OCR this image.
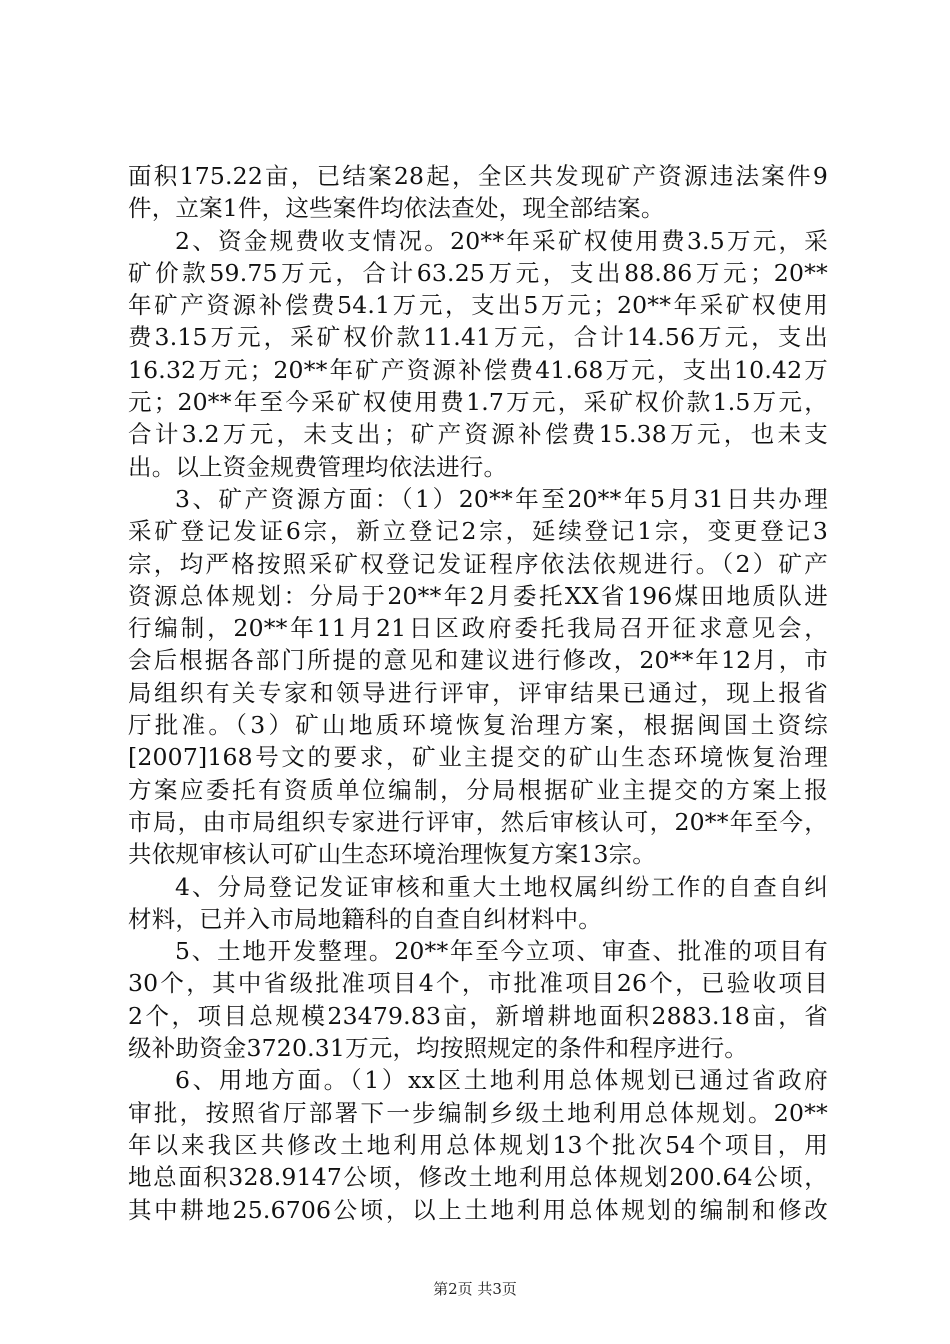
面积175.22亩，已结案28起，全区共发现矿产资源违法案件9
件，立案1件，这些案件均依法查处，现全部结案。
2、资金规费收支情况。20**年采矿权使用费3.5万元，采
矿价款59.75万元，合计63.25万元，支出88.86万元；20**
年矿产资源补偿费54.1万元，支出5万元；20**年采矿权使用
费3.15万元，采矿权价款11.41万元，合计14.56万元，支出
16.32万元；20**年矿产资源补偿费41.68万元，支出10.42万
元；20**年至今采矿权使用费1.7万元，采矿权价款1.5万元，
合计3.2万元，未支出；矿产资源补偿费15.38万元，也未支
出。以上资金规费管理均依法进行。
3、矿产资源方面：（1）20**年至20**年5月31日共办理
采矿登记发证6宗，新立登记2宗，延续登记1宗，变更登记3
宗，均严格按照采矿权登记发证程序依法依规进行。（2）矿产
资源总体规划：分局于20**年2月委托XX省196煤田地质队进
行编制，20**年11月21日区政府委托我局召开征求意见会，
会后根据各部门所提的意见和建议进行修改，20**年12月，市
局组织有关专家和领导进行评审，评审结果已通过，现上报省
厅批准。（3）矿山地质环境恢复治理方案，根据闽国土资综
[2007]168号文的要求，矿业主提交的矿山生态环境恢复治理
方案应委托有资质单位编制，分局根据矿业主提交的方案上报
市局，由市局组织专家进行评审，然后审核认可，20**年至今，
共依规审核认可矿山生态环境治理恢复方案13宗。
4、分局登记发证审核和重大土地权属纠纷工作的自查自纠
材料，已并入市局地籍科的自查自纠材料中。
5、土地开发整理。20**年至今立项、审查、批准的项目有
30个，其中省级批准项目4个，市批准项目26个，已验收项目
2个，项目总规模23479.83亩，新增耕地面积2883.18亩，省
级补助资金3720.31万元，均按照规定的条件和程序进行。
6、用地方面。（1）xx区土地利用总体规划已通过省政府
审批，按照省厅部署下一步编制乡级土地利用总体规划。20**
年以来我区共修改土地利用总体规划13个批次54个项目，用
地总面积328.9147公顷，修改土地利用总体规划200.64公顷，
其中耕地25.6706公顷，以上土地利用总体规划的编制和修改
第2页 共3页
